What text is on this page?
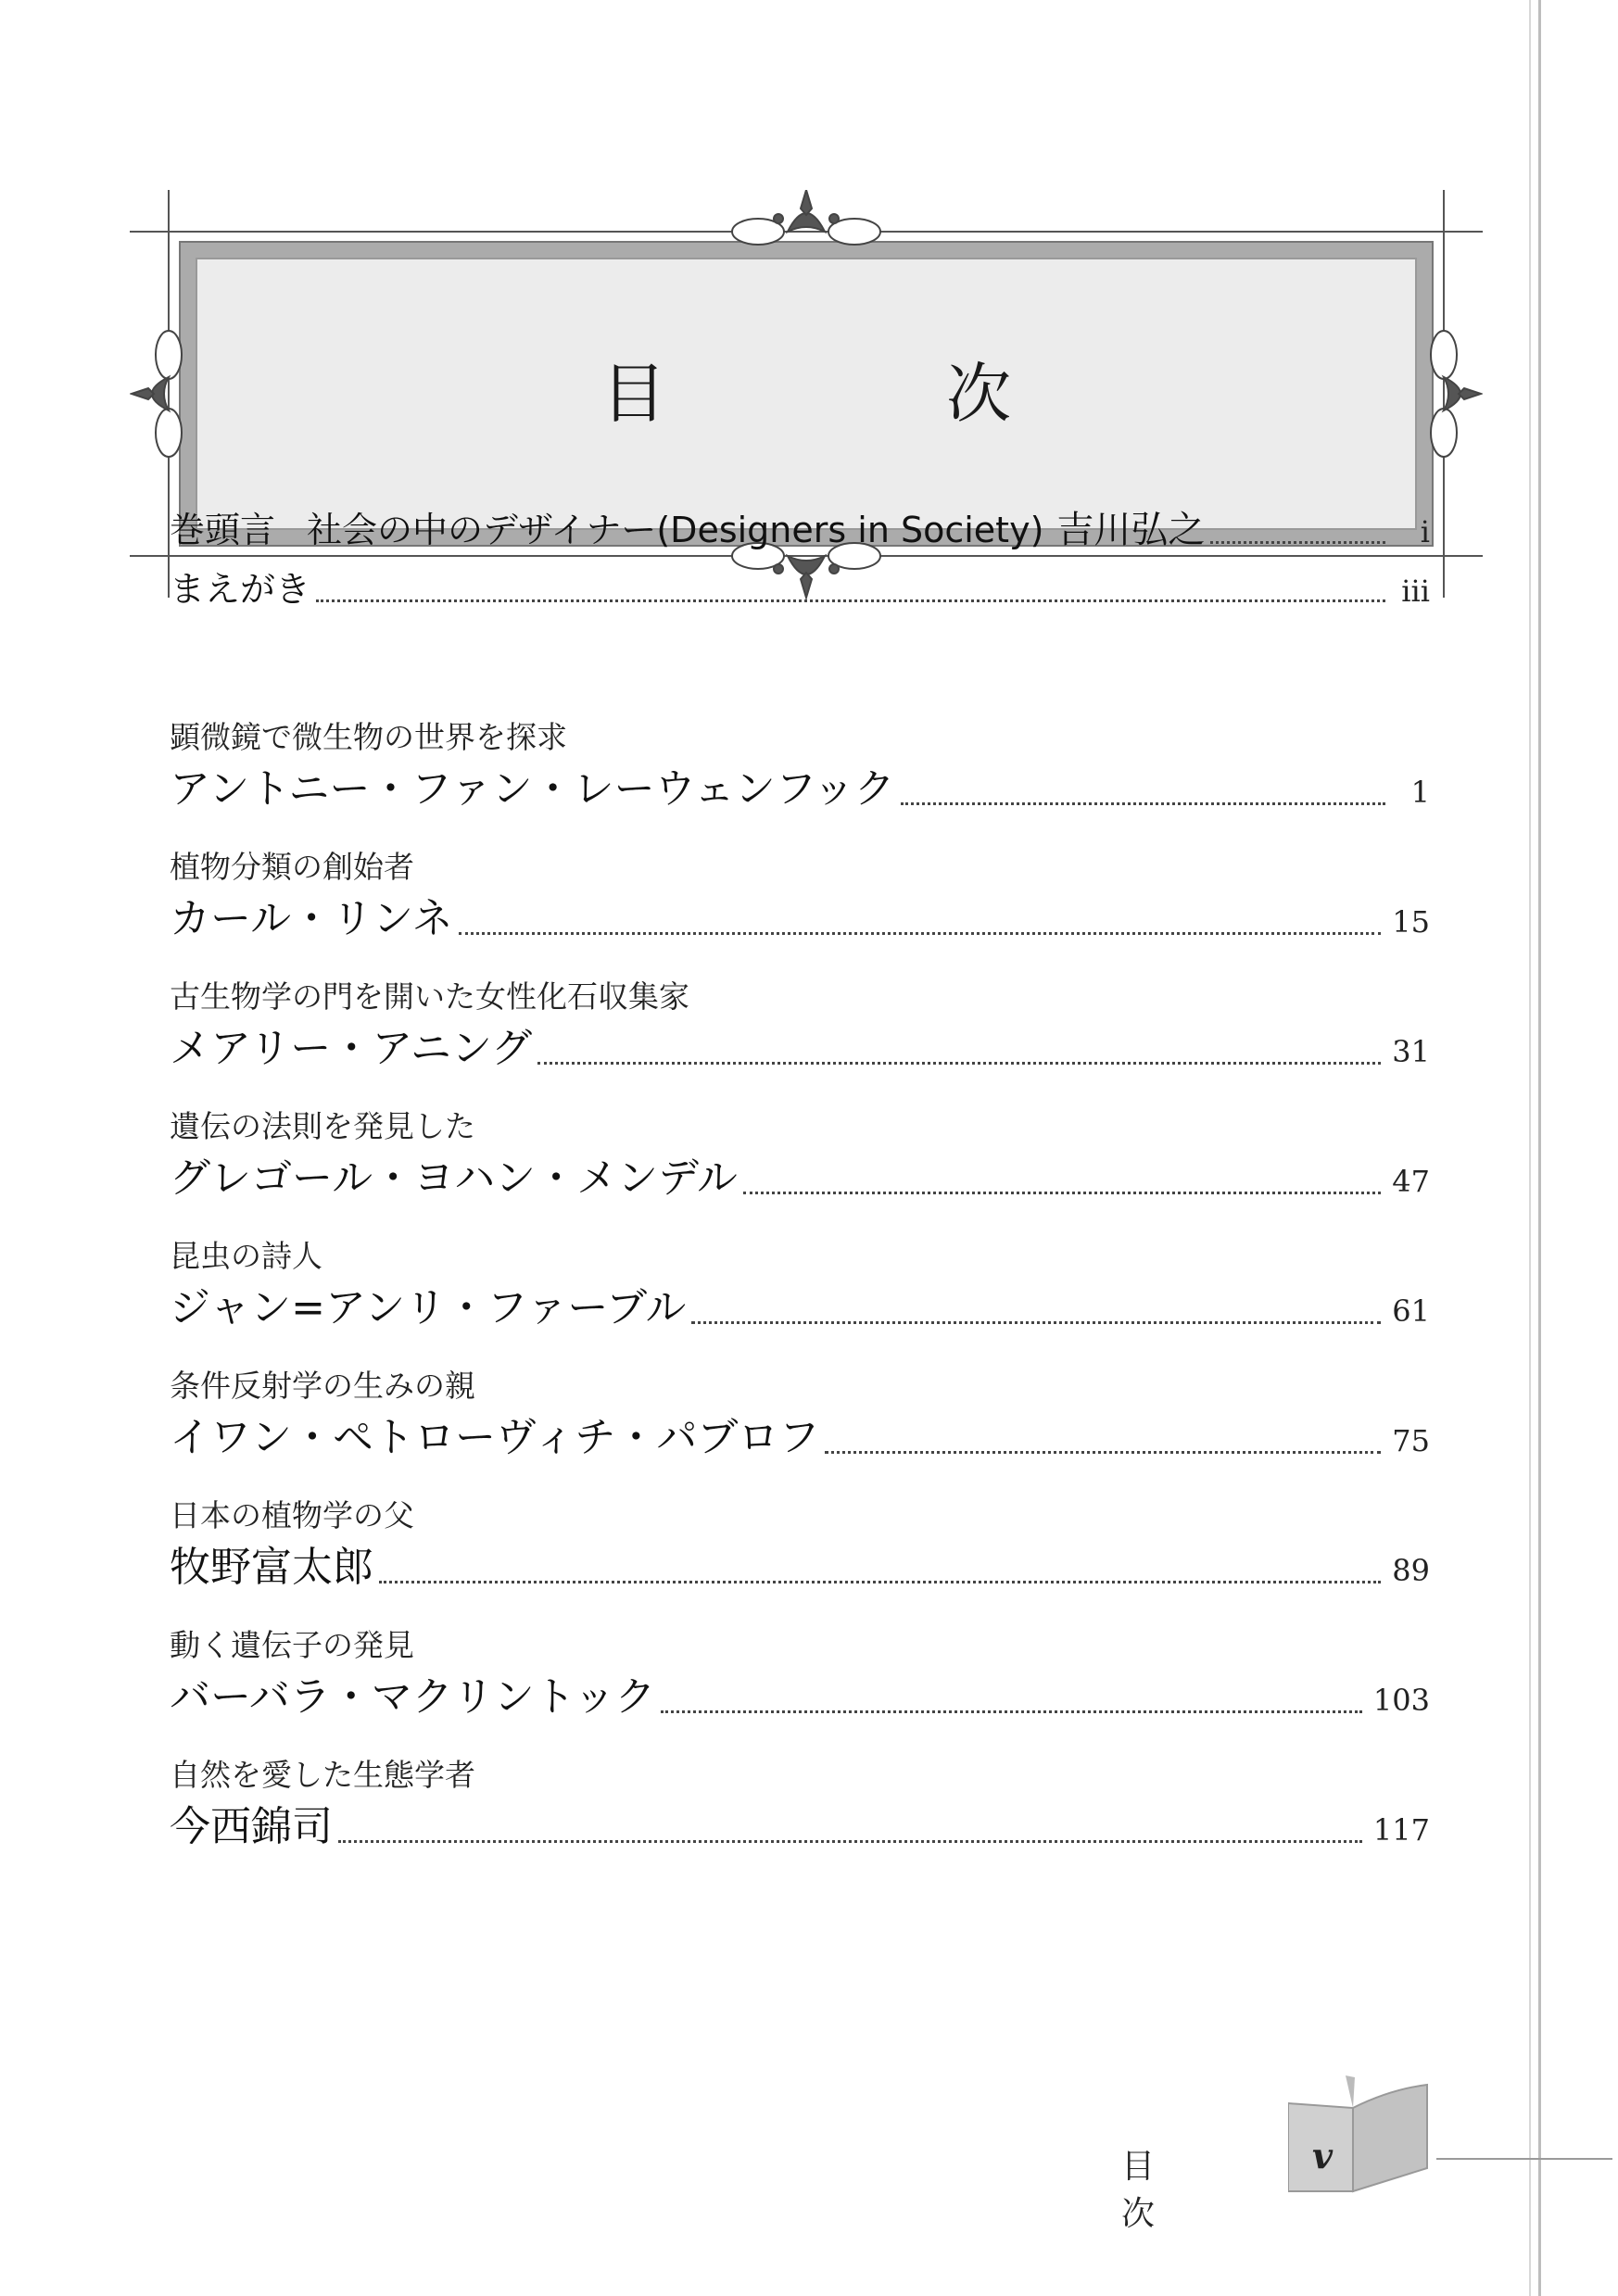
目 次
巻頭言 社会の中のデザイナー(Designers in Society) 吉川弘之	i
まえがき	iii
顕微鏡で微生物の世界を探求
アントニー・ファン・レーウェンフック	1
植物分類の創始者
カール・リンネ	15
古生物学の門を開いた女性化石収集家
メアリー・アニング	31
遺伝の法則を発見した
グレゴール・ヨハン・メンデル	47
昆虫の詩人
ジャン=アンリ・ファーブル	61
条件反射学の生みの親
イワン・ペトローヴィチ・パブロフ	75
日本の植物学の父
牧野富太郎	89
動く遺伝子の発見
バーバラ・マクリントック	103
自然を愛した生態学者
今西錦司	117
目 次
v
